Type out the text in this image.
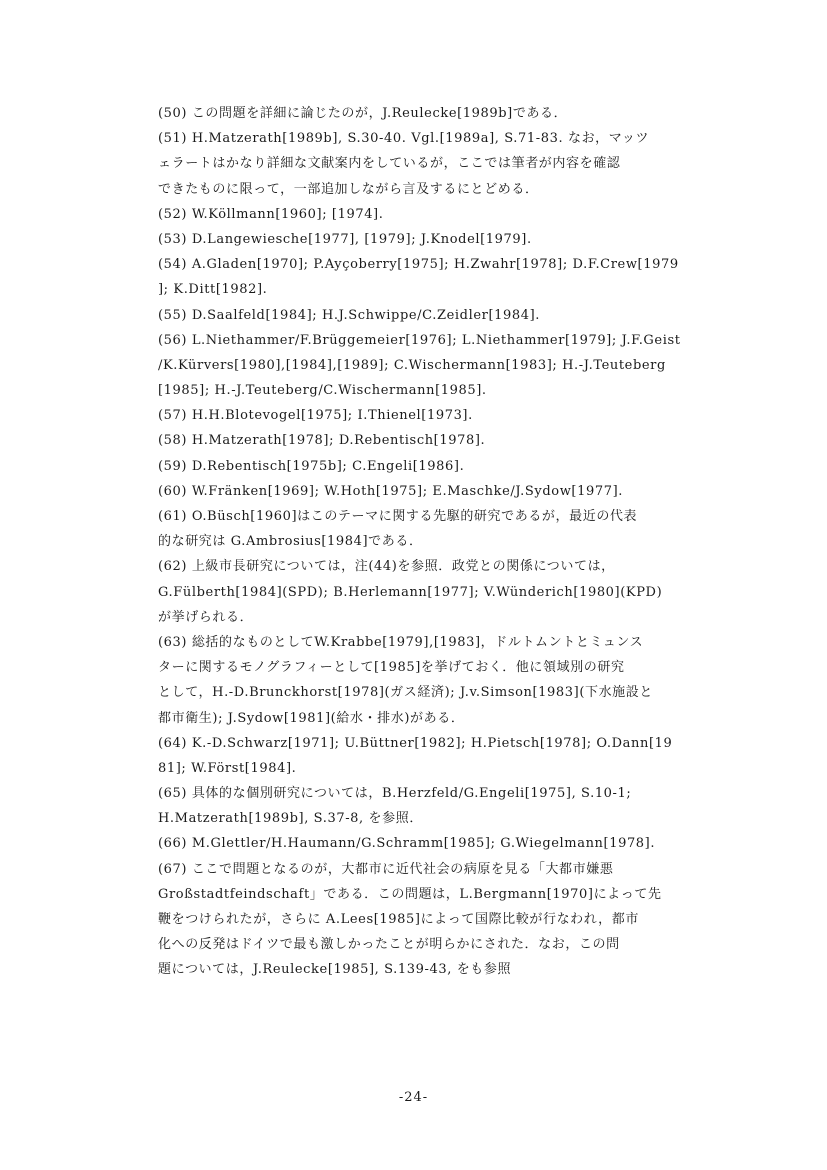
(50) この問題を詳細に論じたのが，J.Reulecke[1989b]である．
(51) H.Matzerath[1989b], S.30-40. Vgl.[1989a], S.71-83. なお，マッツ
ェラートはかなり詳細な文献案内をしているが，ここでは筆者が内容を確認
できたものに限って，一部追加しながら言及するにとどめる．
(52) W.Köllmann[1960]; [1974].
(53) D.Langewiesche[1977], [1979]; J.Knodel[1979].
(54) A.Gladen[1970]; P.Ayçoberry[1975]; H.Zwahr[1978]; D.F.Crew[1979
]; K.Ditt[1982].
(55) D.Saalfeld[1984]; H.J.Schwippe/C.Zeidler[1984].
(56) L.Niethammer/F.Brüggemeier[1976]; L.Niethammer[1979]; J.F.Geist
/K.Kürvers[1980],[1984],[1989]; C.Wischermann[1983]; H.-J.Teuteberg
[1985]; H.-J.Teuteberg/C.Wischermann[1985].
(57) H.H.Blotevogel[1975]; I.Thienel[1973].
(58) H.Matzerath[1978]; D.Rebentisch[1978].
(59) D.Rebentisch[1975b]; C.Engeli[1986].
(60) W.Fränken[1969]; W.Hoth[1975]; E.Maschke/J.Sydow[1977].
(61) O.Büsch[1960]はこのテーマに関する先駆的研究であるが，最近の代表
的な研究は G.Ambrosius[1984]である．
(62) 上級市長研究については，注(44)を参照．政党との関係については，
G.Fülberth[1984](SPD); B.Herlemann[1977]; V.Wünderich[1980](KPD)
が挙げられる．
(63) 総括的なものとしてW.Krabbe[1979],[1983]，ドルトムントとミュンス
ターに関するモノグラフィーとして[1985]を挙げておく．他に領域別の研究
として，H.-D.Brunckhorst[1978](ガス経済); J.v.Simson[1983](下水施設と
都市衛生); J.Sydow[1981](給水・排水)がある．
(64) K.-D.Schwarz[1971]; U.Büttner[1982]; H.Pietsch[1978]; O.Dann[19
81]; W.Först[1984].
(65) 具体的な個別研究については，B.Herzfeld/G.Engeli[1975], S.10-1;
H.Matzerath[1989b], S.37-8, を参照．
(66) M.Glettler/H.Haumann/G.Schramm[1985]; G.Wiegelmann[1978].
(67) ここで問題となるのが，大都市に近代社会の病原を見る「大都市嫌悪
Großstadtfeindschaft」である．この問題は，L.Bergmann[1970]によって先
鞭をつけられたが，さらに A.Lees[1985]によって国際比較が行なわれ，都市
化への反発はドイツで最も激しかったことが明らかにされた．なお，この問
題については，J.Reulecke[1985], S.139-43, をも参照
-24-
